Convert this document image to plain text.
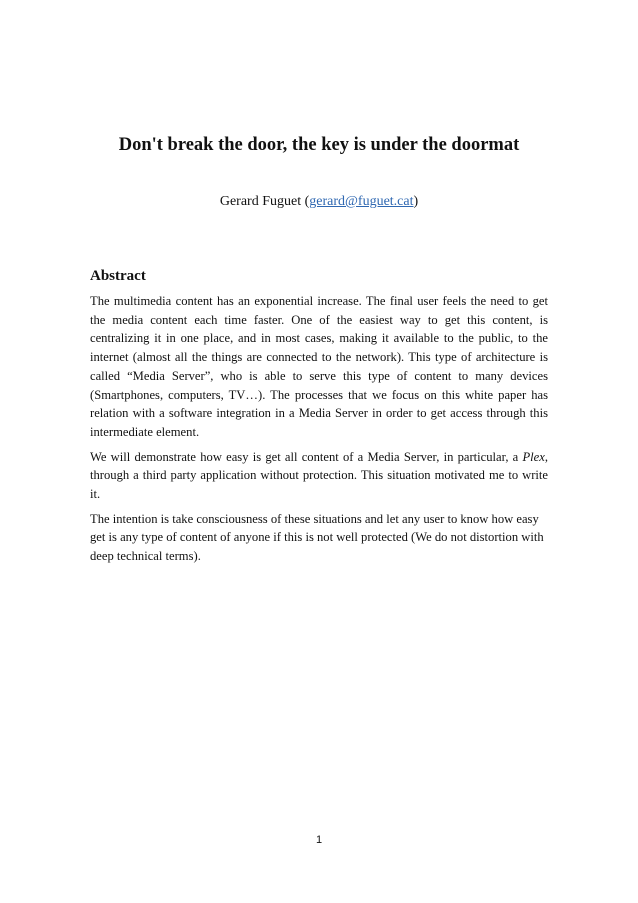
Don't break the door, the key is under the doormat

Gerard Fuguet (gerard@fuguet.cat)

Abstract

The multimedia content has an exponential increase. The final user feels the need to get the media content each time faster. One of the easiest way to get this content, is centralizing it in one place, and in most cases, making it available to the public, to the internet (almost all the things are connected to the network). This type of architecture is called “Media Server”, who is able to serve this type of content to many devices (Smartphones, computers, TV…). The processes that we focus on this white paper has relation with a software integration in a Media Server in order to get access through this intermediate element.

We will demonstrate how easy is get all content of a Media Server, in particular, a Plex, through a third party application without protection. This situation motivated me to write it.

The intention is take consciousness of these situations and let any user to know how easy get is any type of content of anyone if this is not well protected (We do not distortion with deep technical terms).

1
